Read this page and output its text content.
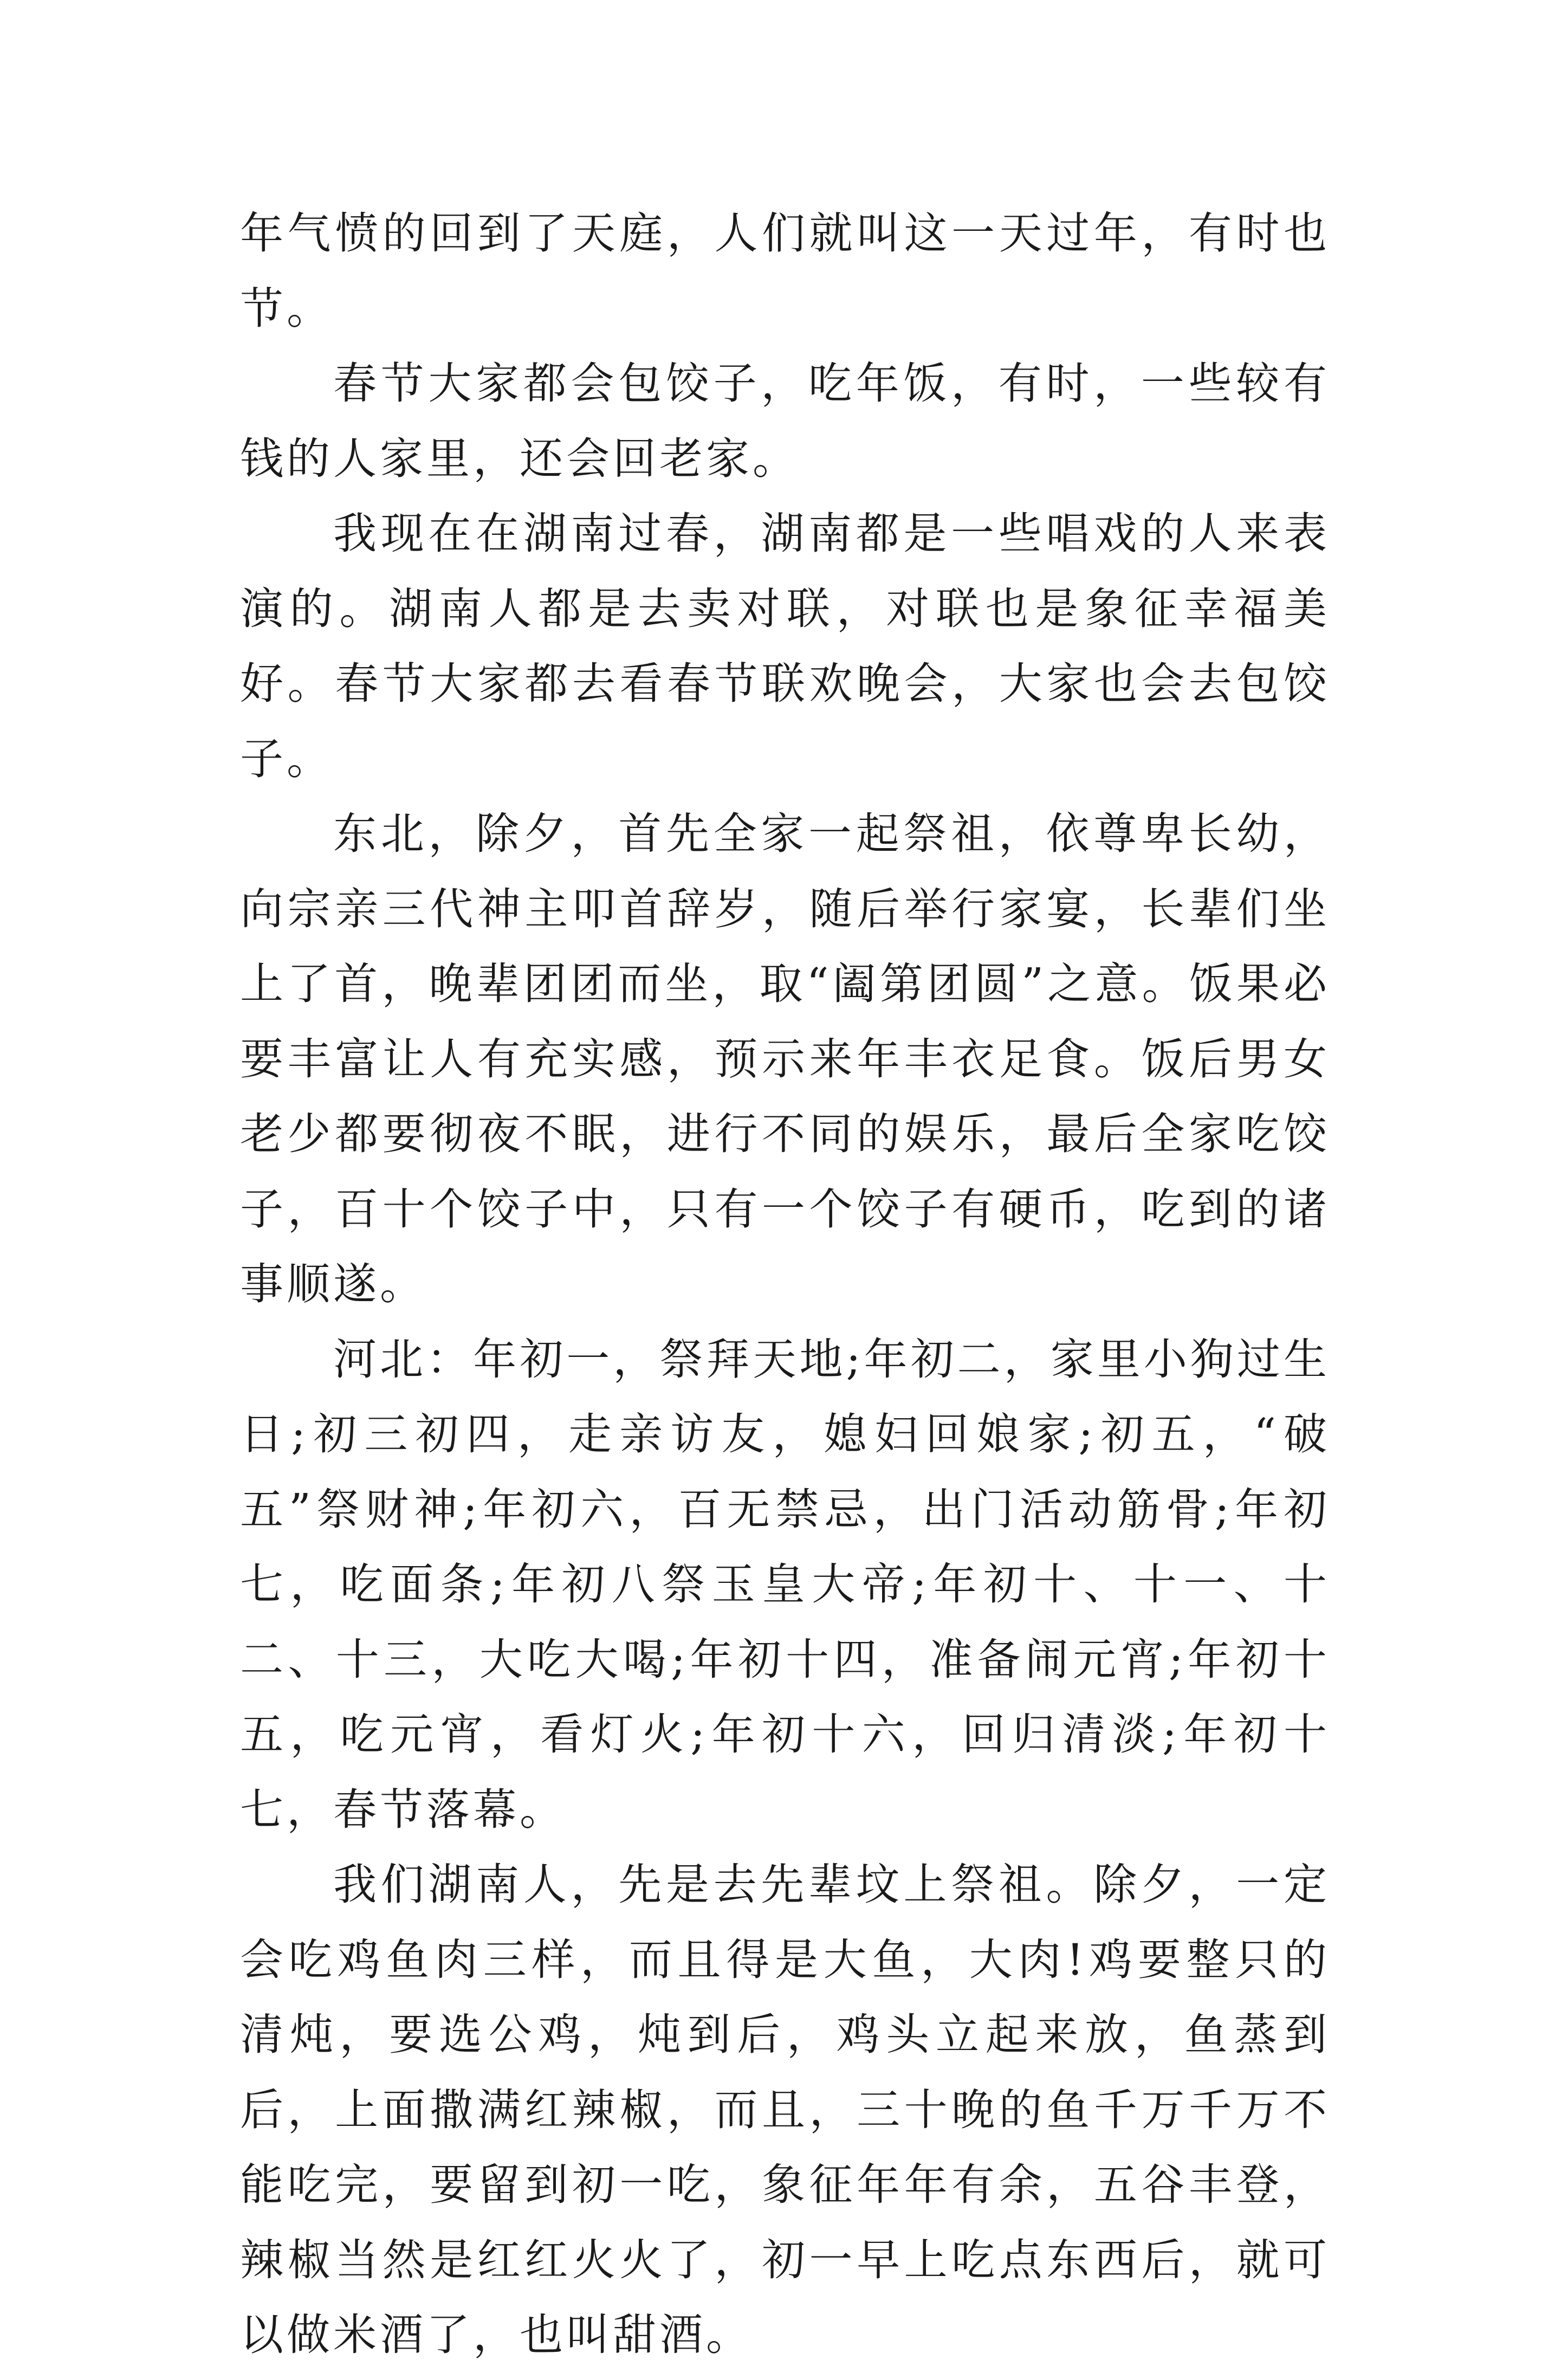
年气愤的回到了天庭，人们就叫这一天过年，有时也节。

春节大家都会包饺子，吃年饭，有时，一些较有钱的人家里，还会回老家。

我现在在湖南过春，湖南都是一些唱戏的人来表演的。湖南人都是去卖对联，对联也是象征幸福美好。春节大家都去看春节联欢晚会，大家也会去包饺子。

东北，除夕，首先全家一起祭祖，依尊卑长幼，向宗亲三代神主叩首辞岁，随后举行家宴，长辈们坐上了首，晚辈团团而坐，取“阖第团圆”之意。饭果必要丰富让人有充实感，预示来年丰衣足食。饭后男女老少都要彻夜不眠，进行不同的娱乐，最后全家吃饺子，百十个饺子中，只有一个饺子有硬币，吃到的诸事顺遂。

河北：年初一，祭拜天地;年初二，家里小狗过生日;初三初四，走亲访友，媳妇回娘家;初五，“破五”祭财神;年初六，百无禁忌，出门活动筋骨;年初七，吃面条;年初八祭玉皇大帝;年初十、十一、十二、十三，大吃大喝;年初十四，准备闹元宵;年初十五，吃元宵，看灯火;年初十六，回归清淡;年初十七，春节落幕。

我们湖南人，先是去先辈坟上祭祖。除夕，一定会吃鸡鱼肉三样，而且得是大鱼，大肉!鸡要整只的清炖，要选公鸡，炖到后，鸡头立起来放，鱼蒸到后，上面撒满红辣椒，而且，三十晚的鱼千万千万不能吃完，要留到初一吃，象征年年有余，五谷丰登，辣椒当然是红红火火了，初一早上吃点东西后，就可以做米酒了，也叫甜酒。
